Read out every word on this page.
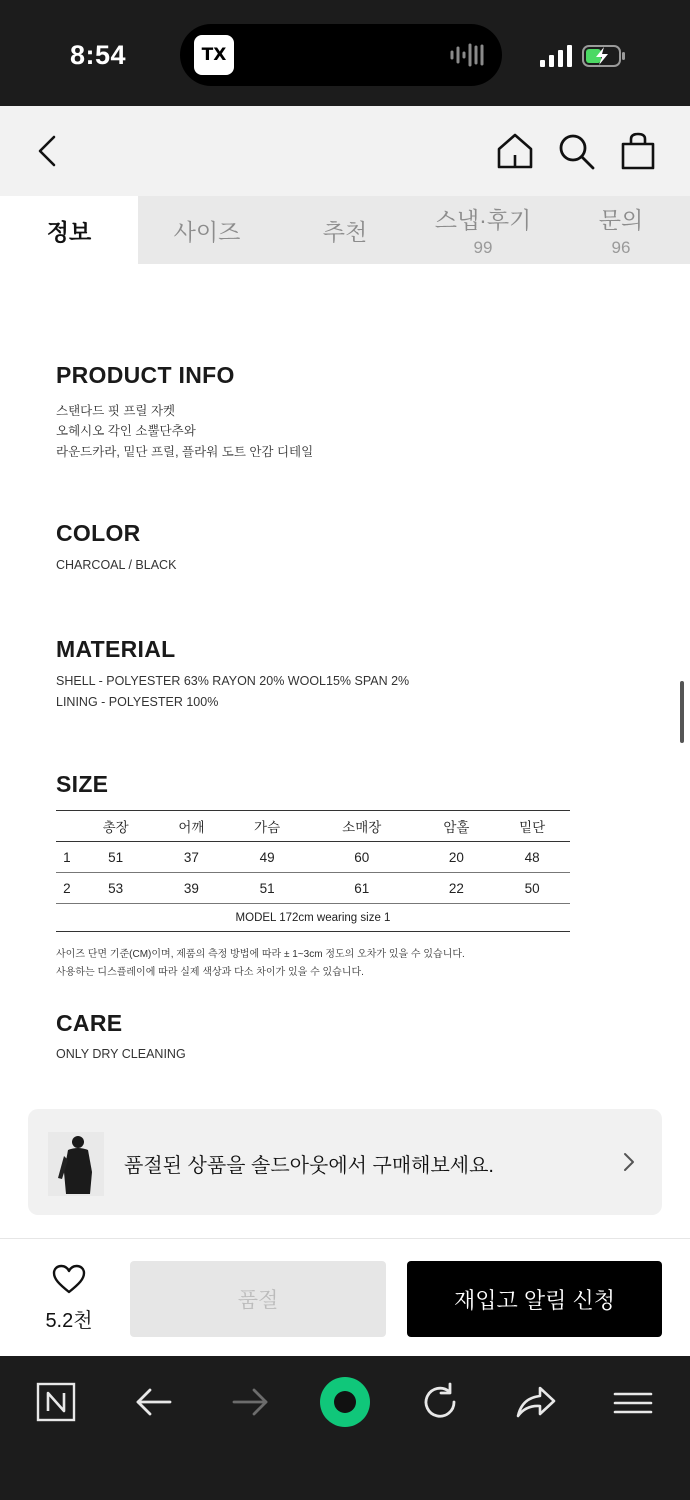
8:54	TX
정보	사이즈	추천	스냅·후기
99
문의
96
PRODUCT INFO
스탠다드 핏 프릴 자켓
오헤시오 각인 소뿔단추와
라운드카라, 밑단 프릴, 플라워 도트 안감 디테일
COLOR
CHARCOAL / BLACK
MATERIAL
SHELL - POLYESTER 63% RAYON 20% WOOL15% SPAN 2%
LINING - POLYESTER 100%
SIZE
	총장	어깨	가슴	소매장	암홀	밑단
1	51	37	49	60	20	48
2	53	39	51	61	22	50
MODEL 172cm wearing size 1						
사이즈 단면 기준(CM)이며, 제품의 측정 방법에 따라 ± 1~3cm 정도의 오차가 있을 수 있습니다.
사용하는 디스플레이에 따라 실제 색상과 다소 차이가 있을 수 있습니다.
CARE
ONLY DRY CLEANING
품절된 상품을 솔드아웃에서 구매해보세요.
5.2천
품절	재입고 알림 신청
